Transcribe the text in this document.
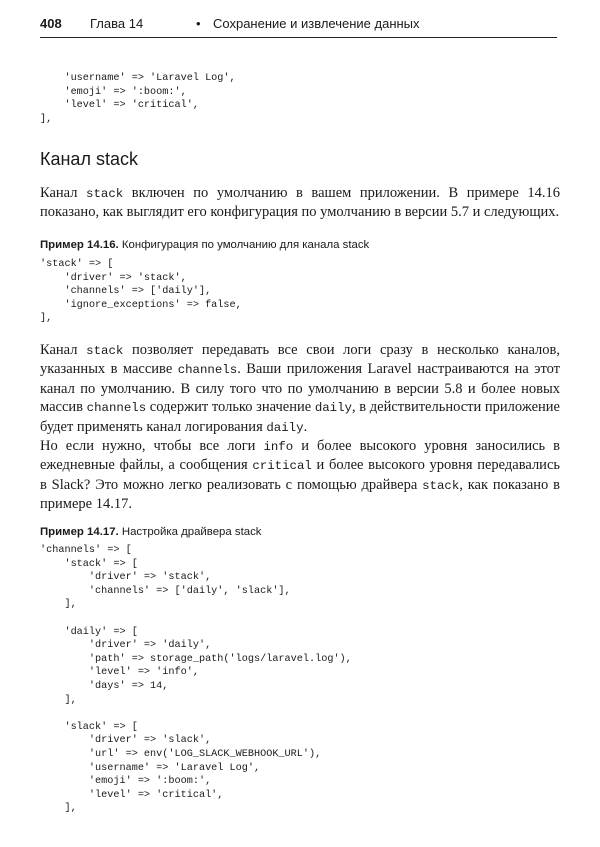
408 Глава 14	• Сохранение и извлечение данных
'username' => 'Laravel Log',
'emoji' => ':boom:',
'level' => 'critical',
],
Канал stack

Канал stack включен по умолчанию в вашем приложении. В примере 14.16 показано, как выглядит его конфигурация по умолчанию в версии 5.7 и следующих.

Пример 14.16. Конфигурация по умолчанию для канала stack

'stack' => [
'driver' => 'stack',
'channels' => ['daily'],
'ignore_exceptions' => false,
],

Канал stack позволяет передавать все свои логи сразу в несколько каналов, указанных в массиве channels. Ваши приложения Laravel настраиваются на этот канал по умолчанию. В силу того что по умолчанию в версии 5.8 и более новых массив channels содержит только значение daily, в действительности приложение будет применять канал логирования daily.

Но если нужно, чтобы все логи info и более высокого уровня заносились в ежедневные файлы, а сообщения critical и более высокого уровня передавались в Slack? Это можно легко реализовать с помощью драйвера stack, как показано в примере 14.17.

Пример 14.17. Настройка драйвера stack

'channels' => [
'stack' => [
'driver' => 'stack',
'channels' => ['daily', 'slack'],
],

'daily' => [
'driver' => 'daily',
'path' => storage_path('logs/laravel.log'),
'level' => 'info',
'days' => 14,
],

'slack' => [
'driver' => 'slack',
'url' => env('LOG_SLACK_WEBHOOK_URL'),
'username' => 'Laravel Log',
'emoji' => ':boom:',
'level' => 'critical',
],
